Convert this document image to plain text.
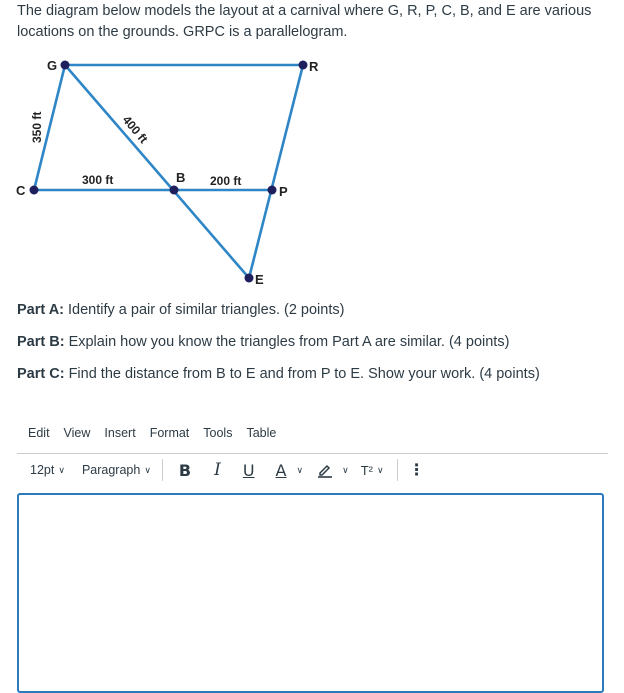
The diagram below models the layout at a carnival where G, R, P, C, B, and E are various locations on the grounds. GRPC is a parallelogram.
G	R
C
B
P
E
350 ft	400 ft
300 ft	200 ft
Part A: Identify a pair of similar triangles. (2 points)
Part B: Explain how you know the triangles from Part A are similar. (4 points)
Part C: Find the distance from B to E and from P to E. Show your work. (4 points)
Edit View Insert Format Tools Table
12pt ∨ Paragraph ∨ B I U A ∨	∨ T² ∨ ⋮
